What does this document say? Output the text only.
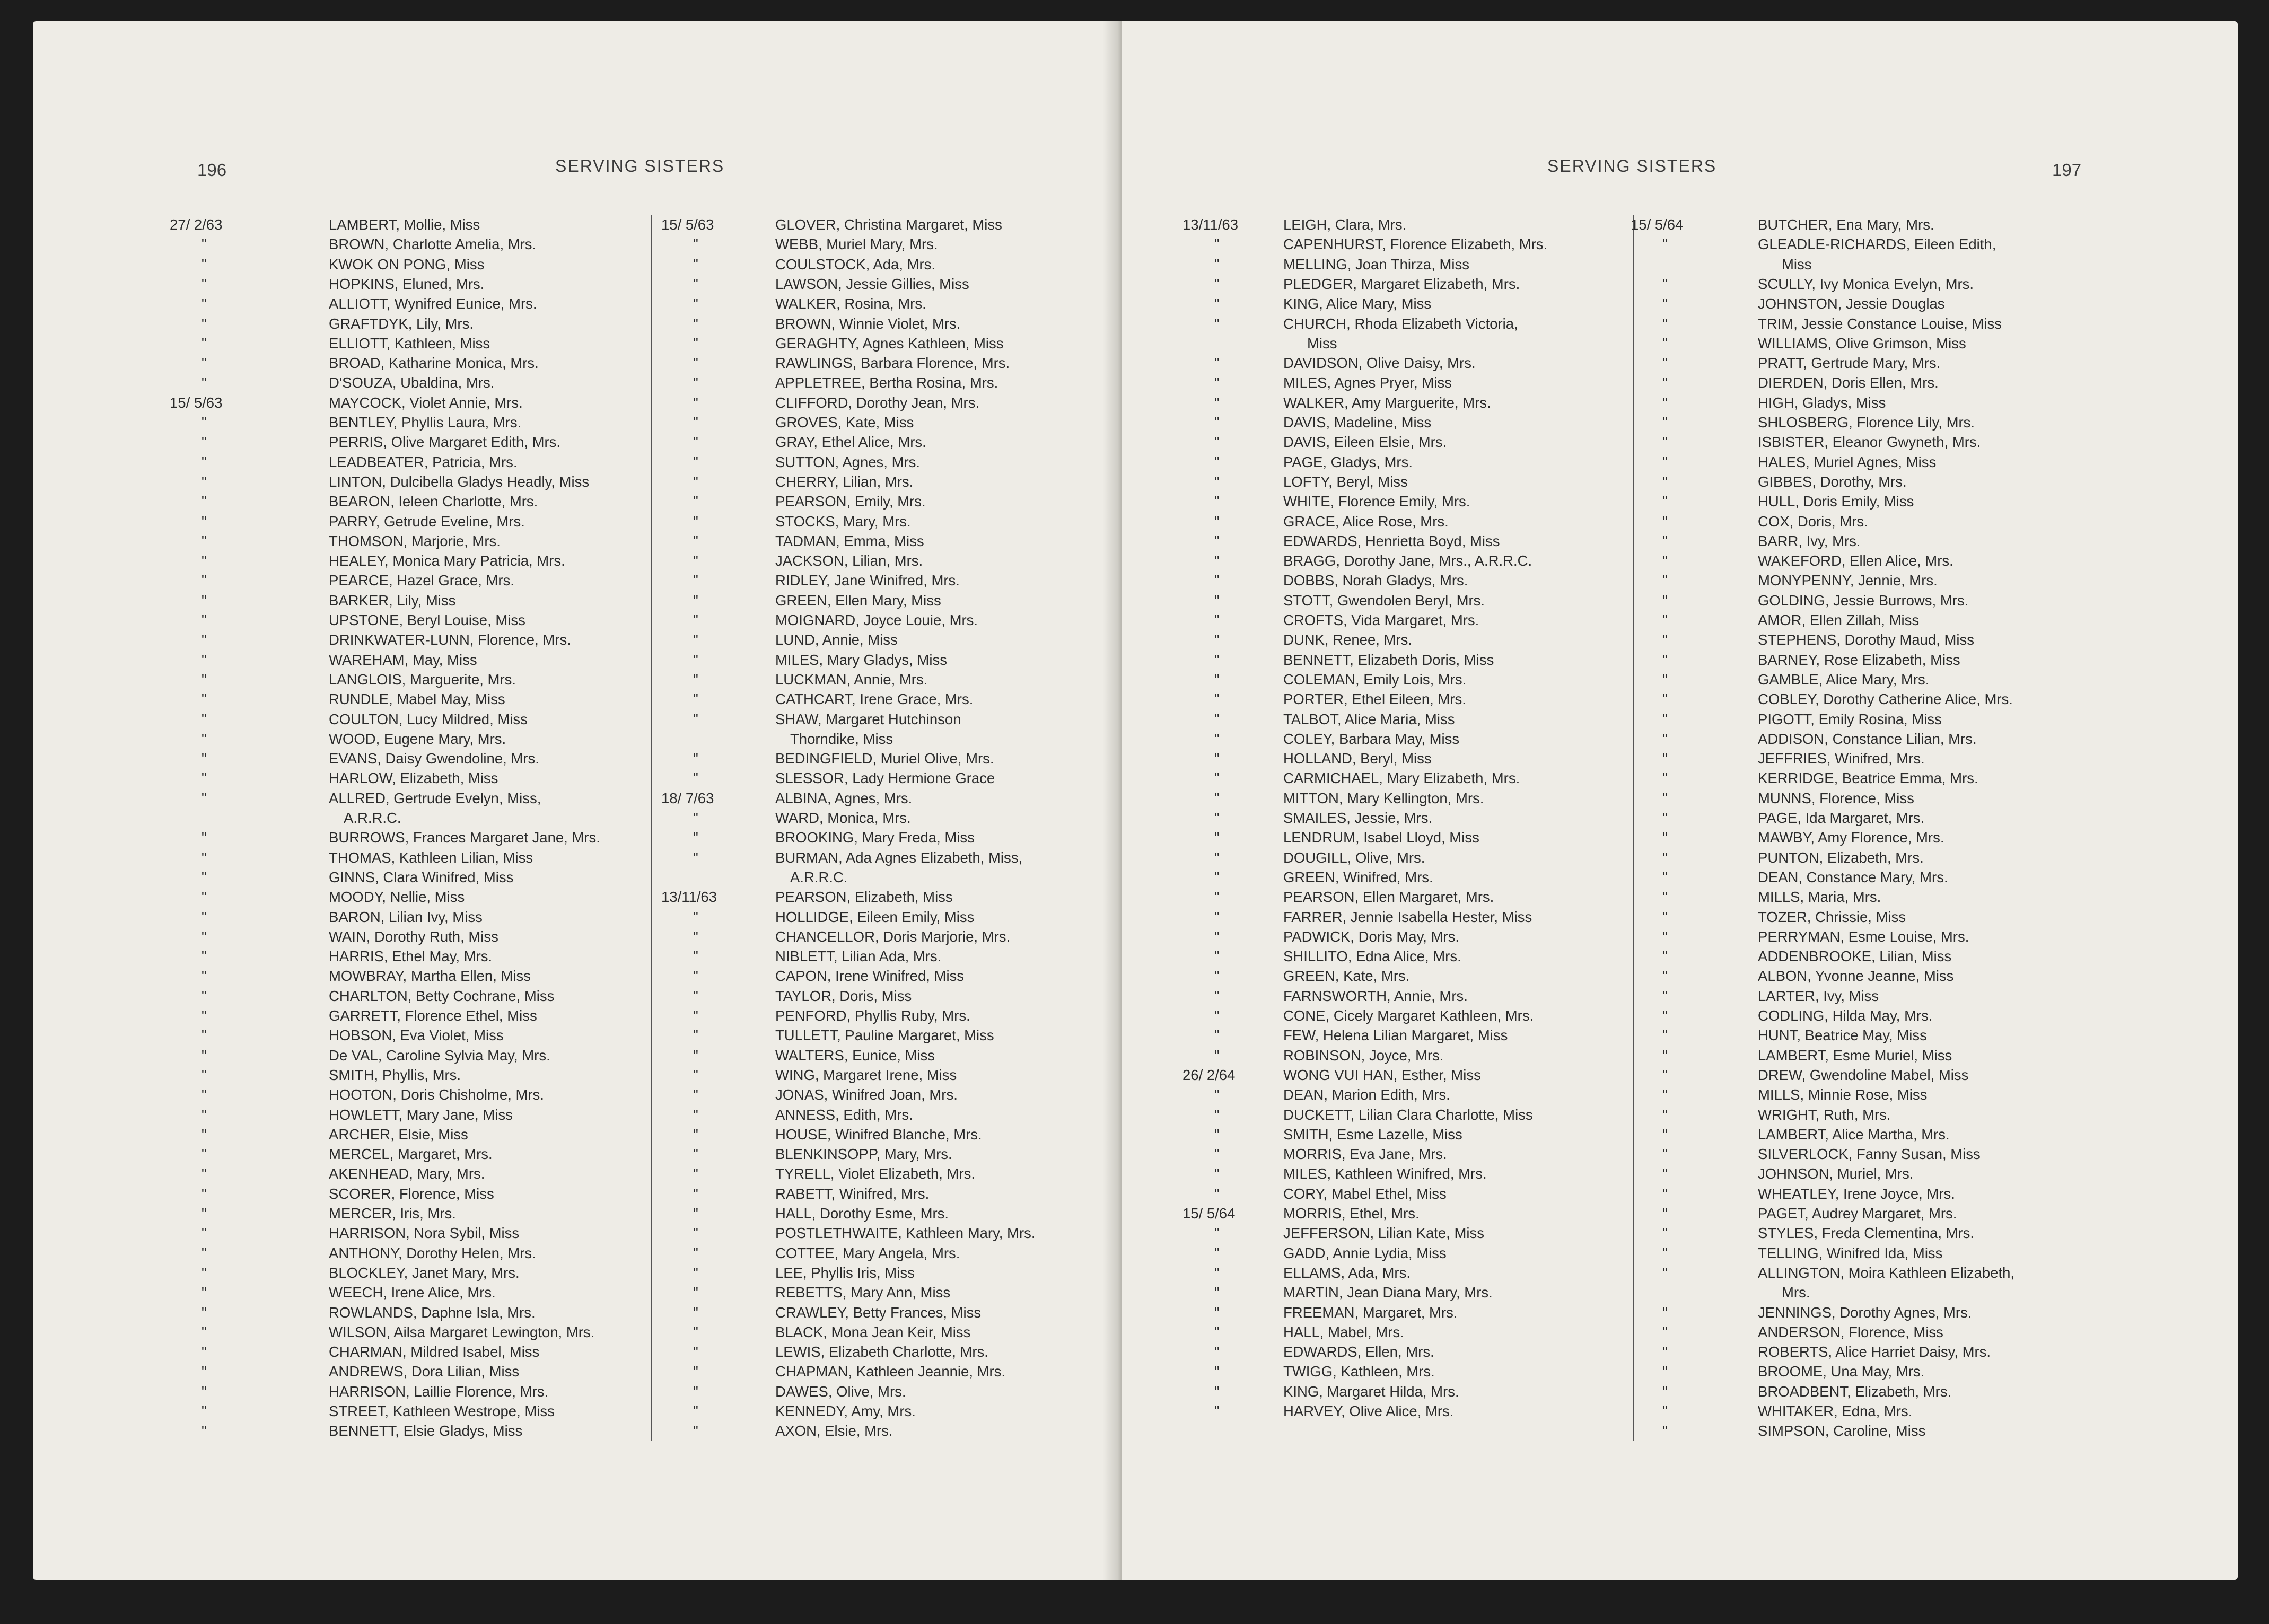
196	SERVING SISTERS
27/ 2/63	LAMBERT, Mollie, Miss
"	BROWN, Charlotte Amelia, Mrs.
"	KWOK ON PONG, Miss
"	HOPKINS, Eluned, Mrs.
"	ALLIOTT, Wynifred Eunice, Mrs.
"	GRAFTDYK, Lily, Mrs.
"	ELLIOTT, Kathleen, Miss
"	BROAD, Katharine Monica, Mrs.
"	D'SOUZA, Ubaldina, Mrs.
15/ 5/63	MAYCOCK, Violet Annie, Mrs.
"	BENTLEY, Phyllis Laura, Mrs.
"	PERRIS, Olive Margaret Edith, Mrs.
"	LEADBEATER, Patricia, Mrs.
"	LINTON, Dulcibella Gladys Headly, Miss
"	BEARON, Ieleen Charlotte, Mrs.
"	PARRY, Getrude Eveline, Mrs.
"	THOMSON, Marjorie, Mrs.
"	HEALEY, Monica Mary Patricia, Mrs.
"	PEARCE, Hazel Grace, Mrs.
"	BARKER, Lily, Miss
"	UPSTONE, Beryl Louise, Miss
"	DRINKWATER-LUNN, Florence, Mrs.
"	WAREHAM, May, Miss
"	LANGLOIS, Marguerite, Mrs.
"	RUNDLE, Mabel May, Miss
"	COULTON, Lucy Mildred, Miss
"	WOOD, Eugene Mary, Mrs.
"	EVANS, Daisy Gwendoline, Mrs.
"	HARLOW, Elizabeth, Miss
"	ALLRED, Gertrude Evelyn, Miss,
A.R.R.C.
"	BURROWS, Frances Margaret Jane, Mrs.
"	THOMAS, Kathleen Lilian, Miss
"	GINNS, Clara Winifred, Miss
"	MOODY, Nellie, Miss
"	BARON, Lilian Ivy, Miss
"	WAIN, Dorothy Ruth, Miss
"	HARRIS, Ethel May, Mrs.
"	MOWBRAY, Martha Ellen, Miss
"	CHARLTON, Betty Cochrane, Miss
"	GARRETT, Florence Ethel, Miss
"	HOBSON, Eva Violet, Miss
"	De VAL, Caroline Sylvia May, Mrs.
"	SMITH, Phyllis, Mrs.
"	HOOTON, Doris Chisholme, Mrs.
"	HOWLETT, Mary Jane, Miss
"	ARCHER, Elsie, Miss
"	MERCEL, Margaret, Mrs.
"	AKENHEAD, Mary, Mrs.
"	SCORER, Florence, Miss
"	MERCER, Iris, Mrs.
"	HARRISON, Nora Sybil, Miss
"	ANTHONY, Dorothy Helen, Mrs.
"	BLOCKLEY, Janet Mary, Mrs.
"	WEECH, Irene Alice, Mrs.
"	ROWLANDS, Daphne Isla, Mrs.
"	WILSON, Ailsa Margaret Lewington, Mrs.
"	CHARMAN, Mildred Isabel, Miss
"	ANDREWS, Dora Lilian, Miss
"	HARRISON, Laillie Florence, Mrs.
"	STREET, Kathleen Westrope, Miss
"	BENNETT, Elsie Gladys, Miss
15/ 5/63	GLOVER, Christina Margaret, Miss
"	WEBB, Muriel Mary, Mrs.
"	COULSTOCK, Ada, Mrs.
"	LAWSON, Jessie Gillies, Miss
"	WALKER, Rosina, Mrs.
"	BROWN, Winnie Violet, Mrs.
"	GERAGHTY, Agnes Kathleen, Miss
"	RAWLINGS, Barbara Florence, Mrs.
"	APPLETREE, Bertha Rosina, Mrs.
"	CLIFFORD, Dorothy Jean, Mrs.
"	GROVES, Kate, Miss
"	GRAY, Ethel Alice, Mrs.
"	SUTTON, Agnes, Mrs.
"	CHERRY, Lilian, Mrs.
"	PEARSON, Emily, Mrs.
"	STOCKS, Mary, Mrs.
"	TADMAN, Emma, Miss
"	JACKSON, Lilian, Mrs.
"	RIDLEY, Jane Winifred, Mrs.
"	GREEN, Ellen Mary, Miss
"	MOIGNARD, Joyce Louie, Mrs.
"	LUND, Annie, Miss
"	MILES, Mary Gladys, Miss
"	LUCKMAN, Annie, Mrs.
"	CATHCART, Irene Grace, Mrs.
"	SHAW, Margaret Hutchinson
Thorndike, Miss
"	BEDINGFIELD, Muriel Olive, Mrs.
"	SLESSOR, Lady Hermione Grace
18/ 7/63	ALBINA, Agnes, Mrs.
"	WARD, Monica, Mrs.
"	BROOKING, Mary Freda, Miss
"	BURMAN, Ada Agnes Elizabeth, Miss,
A.R.R.C.
13/11/63	PEARSON, Elizabeth, Miss
"	HOLLIDGE, Eileen Emily, Miss
"	CHANCELLOR, Doris Marjorie, Mrs.
"	NIBLETT, Lilian Ada, Mrs.
"	CAPON, Irene Winifred, Miss
"	TAYLOR, Doris, Miss
"	PENFORD, Phyllis Ruby, Mrs.
"	TULLETT, Pauline Margaret, Miss
"	WALTERS, Eunice, Miss
"	WING, Margaret Irene, Miss
"	JONAS, Winifred Joan, Mrs.
"	ANNESS, Edith, Mrs.
"	HOUSE, Winifred Blanche, Mrs.
"	BLENKINSOPP, Mary, Mrs.
"	TYRELL, Violet Elizabeth, Mrs.
"	RABETT, Winifred, Mrs.
"	HALL, Dorothy Esme, Mrs.
"	POSTLETHWAITE, Kathleen Mary, Mrs.
"	COTTEE, Mary Angela, Mrs.
"	LEE, Phyllis Iris, Miss
"	REBETTS, Mary Ann, Miss
"	CRAWLEY, Betty Frances, Miss
"	BLACK, Mona Jean Keir, Miss
"	LEWIS, Elizabeth Charlotte, Mrs.
"	CHAPMAN, Kathleen Jeannie, Mrs.
"	DAWES, Olive, Mrs.
"	KENNEDY, Amy, Mrs.
"	AXON, Elsie, Mrs.
SERVING SISTERS	197
13/11/63	LEIGH, Clara, Mrs.
"	CAPENHURST, Florence Elizabeth, Mrs.
"	MELLING, Joan Thirza, Miss
"	PLEDGER, Margaret Elizabeth, Mrs.
"	KING, Alice Mary, Miss
"	CHURCH, Rhoda Elizabeth Victoria,
Miss
"	DAVIDSON, Olive Daisy, Mrs.
"	MILES, Agnes Pryer, Miss
"	WALKER, Amy Marguerite, Mrs.
"	DAVIS, Madeline, Miss
"	DAVIS, Eileen Elsie, Mrs.
"	PAGE, Gladys, Mrs.
"	LOFTY, Beryl, Miss
"	WHITE, Florence Emily, Mrs.
"	GRACE, Alice Rose, Mrs.
"	EDWARDS, Henrietta Boyd, Miss
"	BRAGG, Dorothy Jane, Mrs., A.R.R.C.
"	DOBBS, Norah Gladys, Mrs.
"	STOTT, Gwendolen Beryl, Mrs.
"	CROFTS, Vida Margaret, Mrs.
"	DUNK, Renee, Mrs.
"	BENNETT, Elizabeth Doris, Miss
"	COLEMAN, Emily Lois, Mrs.
"	PORTER, Ethel Eileen, Mrs.
"	TALBOT, Alice Maria, Miss
"	COLEY, Barbara May, Miss
"	HOLLAND, Beryl, Miss
"	CARMICHAEL, Mary Elizabeth, Mrs.
"	MITTON, Mary Kellington, Mrs.
"	SMAILES, Jessie, Mrs.
"	LENDRUM, Isabel Lloyd, Miss
"	DOUGILL, Olive, Mrs.
"	GREEN, Winifred, Mrs.
"	PEARSON, Ellen Margaret, Mrs.
"	FARRER, Jennie Isabella Hester, Miss
"	PADWICK, Doris May, Mrs.
"	SHILLITO, Edna Alice, Mrs.
"	GREEN, Kate, Mrs.
"	FARNSWORTH, Annie, Mrs.
"	CONE, Cicely Margaret Kathleen, Mrs.
"	FEW, Helena Lilian Margaret, Miss
"	ROBINSON, Joyce, Mrs.
26/ 2/64	WONG VUI HAN, Esther, Miss
"	DEAN, Marion Edith, Mrs.
"	DUCKETT, Lilian Clara Charlotte, Miss
"	SMITH, Esme Lazelle, Miss
"	MORRIS, Eva Jane, Mrs.
"	MILES, Kathleen Winifred, Mrs.
"	CORY, Mabel Ethel, Miss
15/ 5/64	MORRIS, Ethel, Mrs.
"	JEFFERSON, Lilian Kate, Miss
"	GADD, Annie Lydia, Miss
"	ELLAMS, Ada, Mrs.
"	MARTIN, Jean Diana Mary, Mrs.
"	FREEMAN, Margaret, Mrs.
"	HALL, Mabel, Mrs.
"	EDWARDS, Ellen, Mrs.
"	TWIGG, Kathleen, Mrs.
"	KING, Margaret Hilda, Mrs.
"	HARVEY, Olive Alice, Mrs.
15/ 5/64	BUTCHER, Ena Mary, Mrs.
"	GLEADLE-RICHARDS, Eileen Edith,
Miss
"	SCULLY, Ivy Monica Evelyn, Mrs.
"	JOHNSTON, Jessie Douglas
"	TRIM, Jessie Constance Louise, Miss
"	WILLIAMS, Olive Grimson, Miss
"	PRATT, Gertrude Mary, Mrs.
"	DIERDEN, Doris Ellen, Mrs.
"	HIGH, Gladys, Miss
"	SHLOSBERG, Florence Lily, Mrs.
"	ISBISTER, Eleanor Gwyneth, Mrs.
"	HALES, Muriel Agnes, Miss
"	GIBBES, Dorothy, Mrs.
"	HULL, Doris Emily, Miss
"	COX, Doris, Mrs.
"	BARR, Ivy, Mrs.
"	WAKEFORD, Ellen Alice, Mrs.
"	MONYPENNY, Jennie, Mrs.
"	GOLDING, Jessie Burrows, Mrs.
"	AMOR, Ellen Zillah, Miss
"	STEPHENS, Dorothy Maud, Miss
"	BARNEY, Rose Elizabeth, Miss
"	GAMBLE, Alice Mary, Mrs.
"	COBLEY, Dorothy Catherine Alice, Mrs.
"	PIGOTT, Emily Rosina, Miss
"	ADDISON, Constance Lilian, Mrs.
"	JEFFRIES, Winifred, Mrs.
"	KERRIDGE, Beatrice Emma, Mrs.
"	MUNNS, Florence, Miss
"	PAGE, Ida Margaret, Mrs.
"	MAWBY, Amy Florence, Mrs.
"	PUNTON, Elizabeth, Mrs.
"	DEAN, Constance Mary, Mrs.
"	MILLS, Maria, Mrs.
"	TOZER, Chrissie, Miss
"	PERRYMAN, Esme Louise, Mrs.
"	ADDENBROOKE, Lilian, Miss
"	ALBON, Yvonne Jeanne, Miss
"	LARTER, Ivy, Miss
"	CODLING, Hilda May, Mrs.
"	HUNT, Beatrice May, Miss
"	LAMBERT, Esme Muriel, Miss
"	DREW, Gwendoline Mabel, Miss
"	MILLS, Minnie Rose, Miss
"	WRIGHT, Ruth, Mrs.
"	LAMBERT, Alice Martha, Mrs.
"	SILVERLOCK, Fanny Susan, Miss
"	JOHNSON, Muriel, Mrs.
"	WHEATLEY, Irene Joyce, Mrs.
"	PAGET, Audrey Margaret, Mrs.
"	STYLES, Freda Clementina, Mrs.
"	TELLING, Winifred Ida, Miss
"	ALLINGTON, Moira Kathleen Elizabeth,
Mrs.
"	JENNINGS, Dorothy Agnes, Mrs.
"	ANDERSON, Florence, Miss
"	ROBERTS, Alice Harriet Daisy, Mrs.
"	BROOME, Una May, Mrs.
"	BROADBENT, Elizabeth, Mrs.
"	WHITAKER, Edna, Mrs.
"	SIMPSON, Caroline, Miss
